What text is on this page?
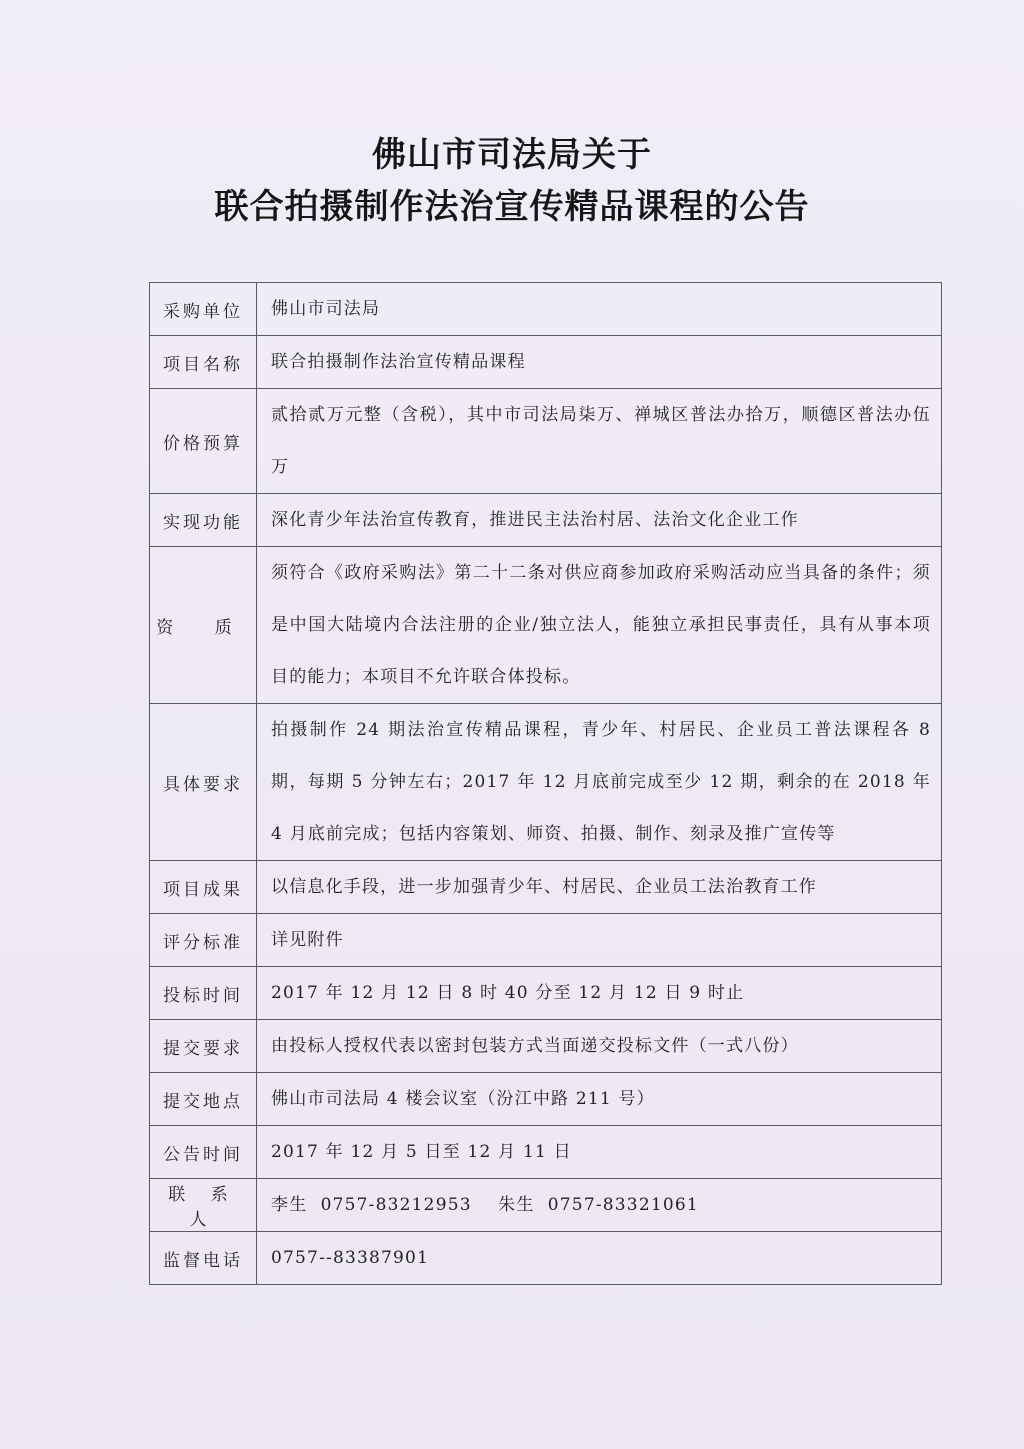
佛山市司法局关于
联合拍摄制作法治宣传精品课程的公告
采购单位	佛山市司法局
项目名称	联合拍摄制作法治宣传精品课程
价格预算	贰拾贰万元整（含税），其中市司法局柒万、禅城区普法办拾万，顺德区普法办伍万
实现功能	深化青少年法治宣传教育，推进民主法治村居、法治文化企业工作
资 质	须符合《政府采购法》第二十二条对供应商参加政府采购活动应当具备的条件；须是中国大陆境内合法注册的企业/独立法人，能独立承担民事责任，具有从事本项目的能力；本项目不允许联合体投标。
具体要求	拍摄制作 24 期法治宣传精品课程，青少年、村居民、企业员工普法课程各 8 期，每期 5 分钟左右；2017 年 12 月底前完成至少 12 期，剩余的在 2018 年 4 月底前完成；包括内容策划、师资、拍摄、制作、刻录及推广宣传等
项目成果	以信息化手段，进一步加强青少年、村居民、企业员工法治教育工作
评分标准	详见附件
投标时间	2017 年 12 月 12 日 8 时 40 分至 12 月 12 日 9 时止
提交要求	由投标人授权代表以密封包装方式当面递交投标文件（一式八份）
提交地点	佛山市司法局 4 楼会议室（汾江中路 211 号）
公告时间	2017 年 12 月 5 日至 12 月 11 日
联 系 人	李生  0757-83212953    朱生  0757-83321061
监督电话	0757--83387901
